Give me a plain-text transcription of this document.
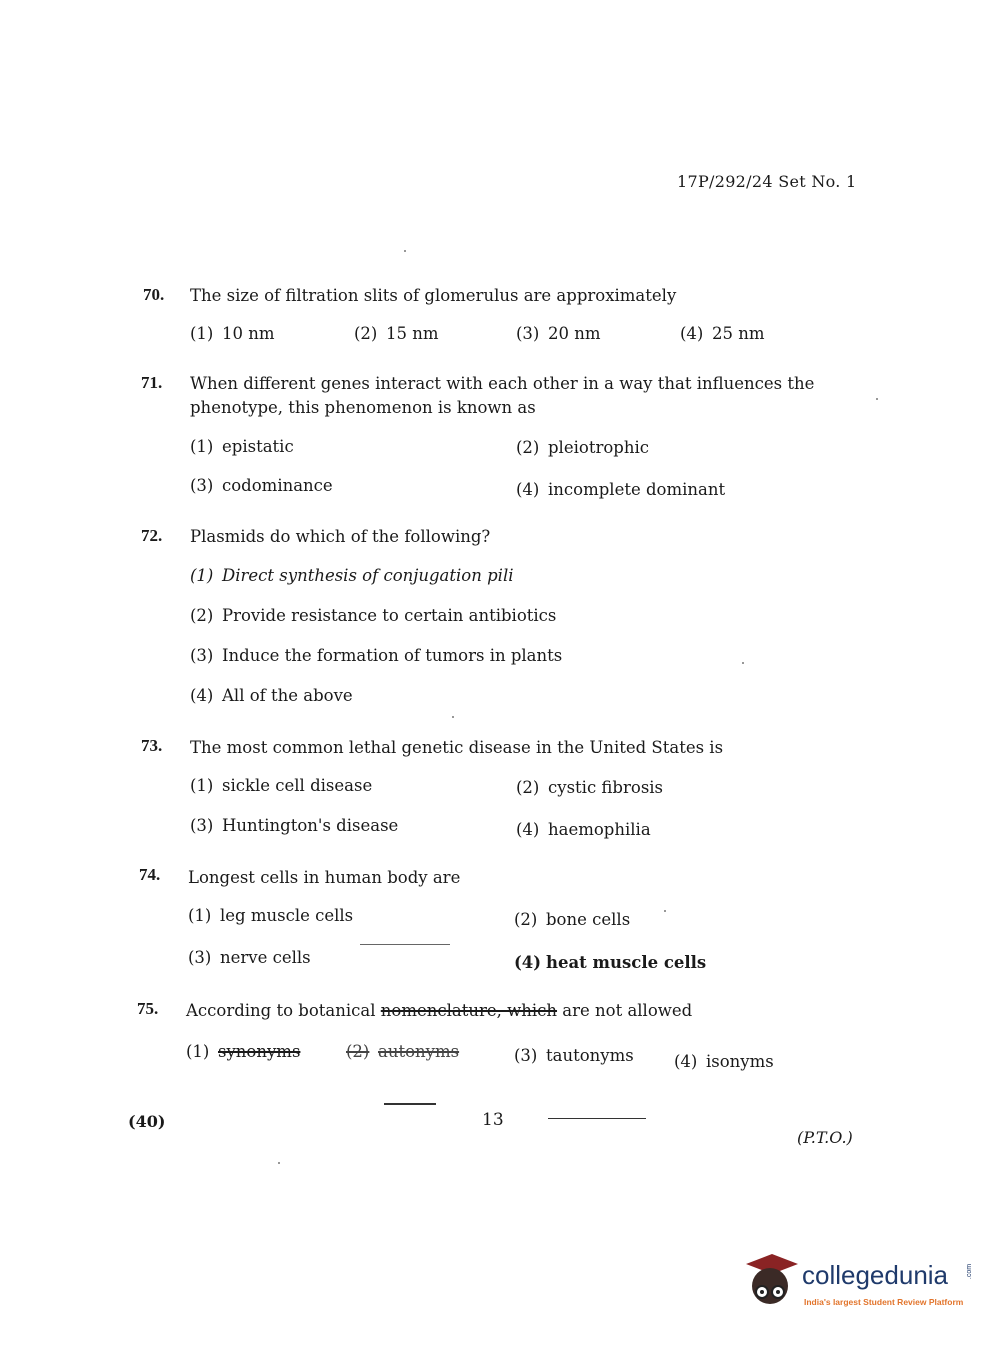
17P/292/24 Set No. 1
70. The size of filtration slits of glomerulus are approximately
(1) 10 nm	(2) 15 nm	(3) 20 nm	(4) 25 nm
71. When different genes interact with each other in a way that influences the
phenotype, this phenomenon is known as
(1) epistatic	(2) pleiotrophic
(3) codominance	(4) incomplete dominant
72. Plasmids do which of the following?
(1) Direct synthesis of conjugation pili
(2) Provide resistance to certain antibiotics
(3) Induce the formation of tumors in plants
(4) All of the above
73. The most common lethal genetic disease in the United States is
(1) sickle cell disease	(2) cystic fibrosis
(3) Huntington's disease	(4) haemophilia
74. Longest cells in human body are
(1) leg muscle cells	(2) bone cells
(3) nerve cells	(4) heat muscle cells
75. According to botanical nomenclature, which are not allowed
(1) synonyms	(2) autonyms	(3) tautonyms (4) isonyms
(40)	13
(P.T.O.)
collegedunia	.com
India's largest Student Review Platform
